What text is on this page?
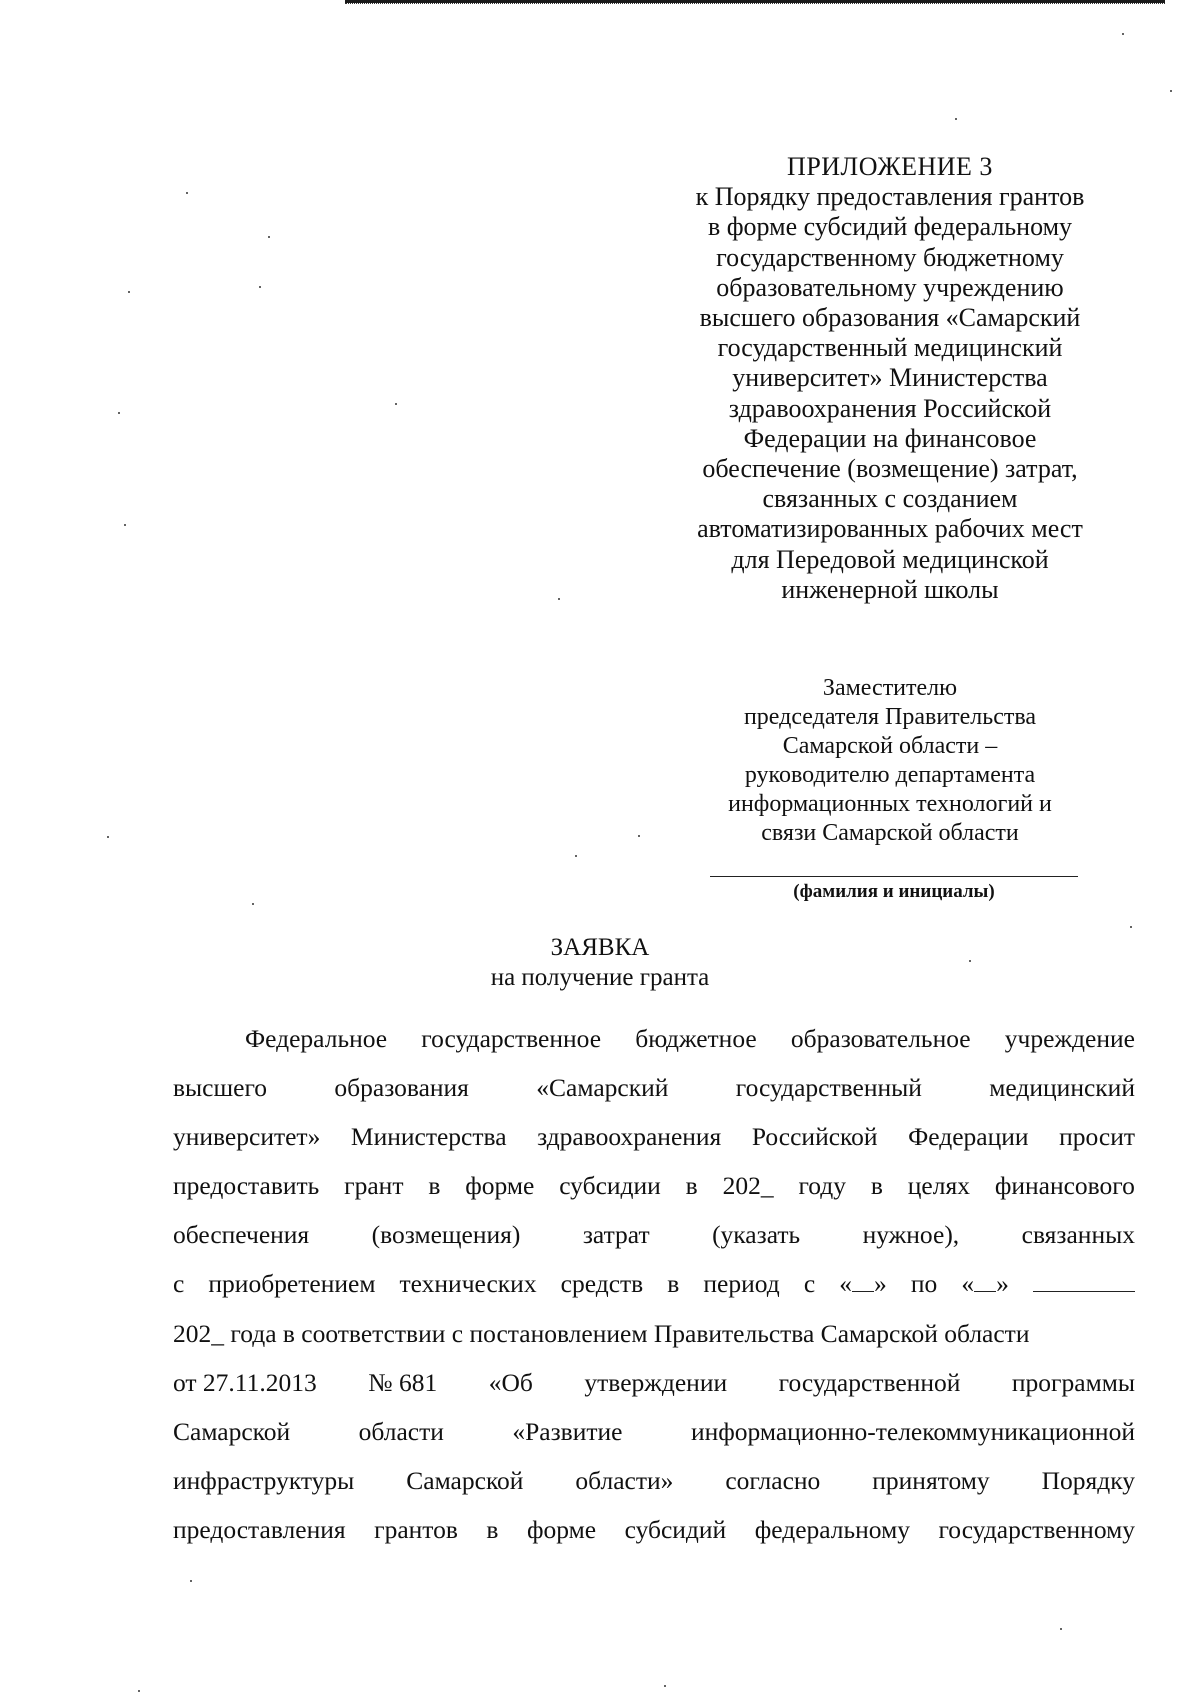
ПРИЛОЖЕНИЕ 3
к Порядку предоставления грантов
в форме субсидий федеральному
государственному бюджетному
образовательному учреждению
высшего образования «Самарский
государственный медицинский
университет» Министерства
здравоохранения Российской
Федерации на финансовое
обеспечение (возмещение) затрат,
связанных с созданием
автоматизированных рабочих мест
для Передовой медицинской
инженерной школы
Заместителю
председателя Правительства
Самарской области –
руководителю департамента
информационных технологий и
связи Самарской области
(фамилия и инициалы)
ЗАЯВКА
на получение гранта
Федеральное государственное бюджетное образовательное учреждение
высшего	образования	«Самарский	государственный	медицинский
университет» Министерства здравоохранения Российской Федерации просит
предоставить грант в форме субсидии в 202_ году в целях финансового
обеспечения (возмещения) затрат (указать нужное), связанных
с приобретением технических средств в период с « » по « »
202_ года в соответствии с постановлением Правительства Самарской области
от 27.11.2013 № 681 «Об утверждении государственной программы
Самарской	области	«Развитие	информационно-телекоммуникационной
инфраструктуры Самарской области» согласно принятому Порядку
предоставления грантов в форме субсидий федеральному государственному
